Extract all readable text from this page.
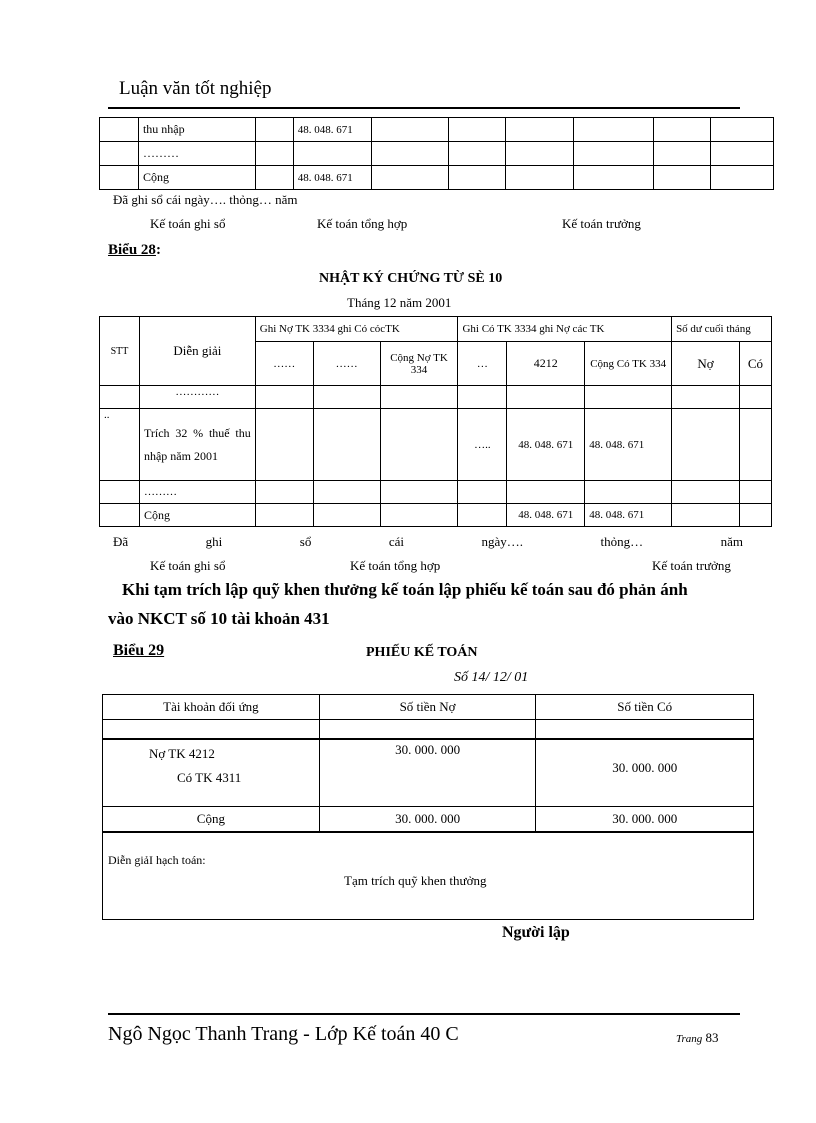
Luận văn tốt nghiệp
	thu nhập		48. 048. 671						
	………								
	Cộng		48. 048. 671						
Đã ghi sổ cái ngày…. thỏng… năm
Kế toán ghi sổ	Kế toán tổng hợp	Kế toán trưởng
Biểu 28:
NHẬT KÝ CHỨNG TỪ SÈ 10
Tháng 12 năm 2001
STT	Diễn giải	Ghi Nợ TK 3334 ghi Có cỏcTK			Ghi Có TK 3334 ghi Nợ các TK			Số dư cuối tháng	
		……	……	Cộng Nợ TK 334	…	4212	Cộng Có TK 334	Nợ	Có
	…………								
..	Trích 32 % thuế thu nhập năm 2001				…..	48. 048. 671	48. 048. 671		
	………								
	Cộng					48. 048. 671	48. 048. 671		
Đã	ghi	sổ	cái	ngày….	thỏng…	năm
Kế toán ghi sổ	Kế toán tổng hợp	Kế toán trưởng
Khi tạm trích lập quỹ khen thưởng kế toán lập phiếu kế toán sau đó phản ánh
vào NKCT số 10 tài khoản 431
Biểu 29	PHIẾU KẾ TOÁN
Số 14/ 12/ 01
Tài khoản đối ứng	Số tiền Nợ	Số tiền Có

Nợ TK 4212
Có TK 4311	30. 000. 000	30. 000. 000
Cộng	30. 000. 000	30. 000. 000

Diễn giảI hạch toán:
Tạm trích quỹ khen thưởng		
Người lập
Ngô Ngọc Thanh Trang - Lớp Kế toán 40 C	Trang 83
